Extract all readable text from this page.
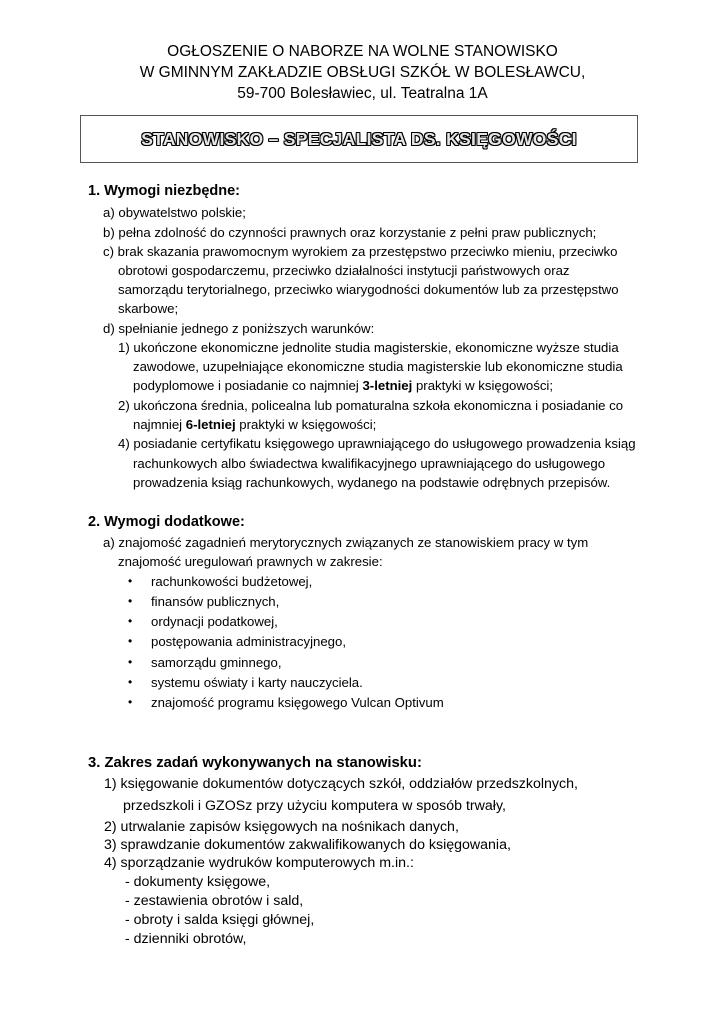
OGŁOSZENIE O NABORZE NA WOLNE STANOWISKO
W GMINNYM ZAKŁADZIE OBSŁUGI SZKÓŁ W BOLESŁAWCU,
59-700 Bolesławiec, ul. Teatralna 1A
STANOWISKO – SPECJALISTA DS. KSIĘGOWOŚCI
1. Wymogi niezbędne:
a) obywatelstwo polskie;
b) pełna zdolność do czynności prawnych oraz korzystanie z pełni praw publicznych;
c) brak skazania prawomocnym wyrokiem za przestępstwo przeciwko mieniu, przeciwko
obrotowi gospodarczemu, przeciwko działalności instytucji państwowych oraz
samorządu terytorialnego, przeciwko wiarygodności dokumentów lub za przestępstwo
skarbowe;
d) spełnianie jednego z poniższych warunków:
1) ukończone ekonomiczne jednolite studia magisterskie, ekonomiczne wyższe studia
zawodowe, uzupełniające ekonomiczne studia magisterskie lub ekonomiczne studia
podyplomowe i posiadanie co najmniej 3-letniej praktyki w księgowości;
2) ukończona średnia, policealna lub pomaturalna szkoła ekonomiczna i posiadanie co
najmniej 6-letniej praktyki w księgowości;
4) posiadanie certyfikatu księgowego uprawniającego do usługowego prowadzenia ksiąg
rachunkowych albo świadectwa kwalifikacyjnego uprawniającego do usługowego
prowadzenia ksiąg rachunkowych, wydanego na podstawie odrębnych przepisów.
2. Wymogi dodatkowe:
a) znajomość zagadnień merytorycznych związanych ze stanowiskiem pracy w tym
znajomość uregulowań prawnych w zakresie:
• rachunkowości budżetowej,
• finansów publicznych,
• ordynacji podatkowej,
• postępowania administracyjnego,
• samorządu gminnego,
• systemu oświaty i karty nauczyciela.
• znajomość programu księgowego Vulcan Optivum
3. Zakres zadań wykonywanych na stanowisku:
1) księgowanie dokumentów dotyczących szkół, oddziałów przedszkolnych,
przedszkoli i GZOSz przy użyciu komputera w sposób trwały,
2) utrwalanie zapisów księgowych na nośnikach danych,
3) sprawdzanie dokumentów zakwalifikowanych do księgowania,
4) sporządzanie wydruków komputerowych m.in.:
- dokumenty księgowe,
- zestawienia obrotów i sald,
- obroty i salda księgi głównej,
- dzienniki obrotów,
